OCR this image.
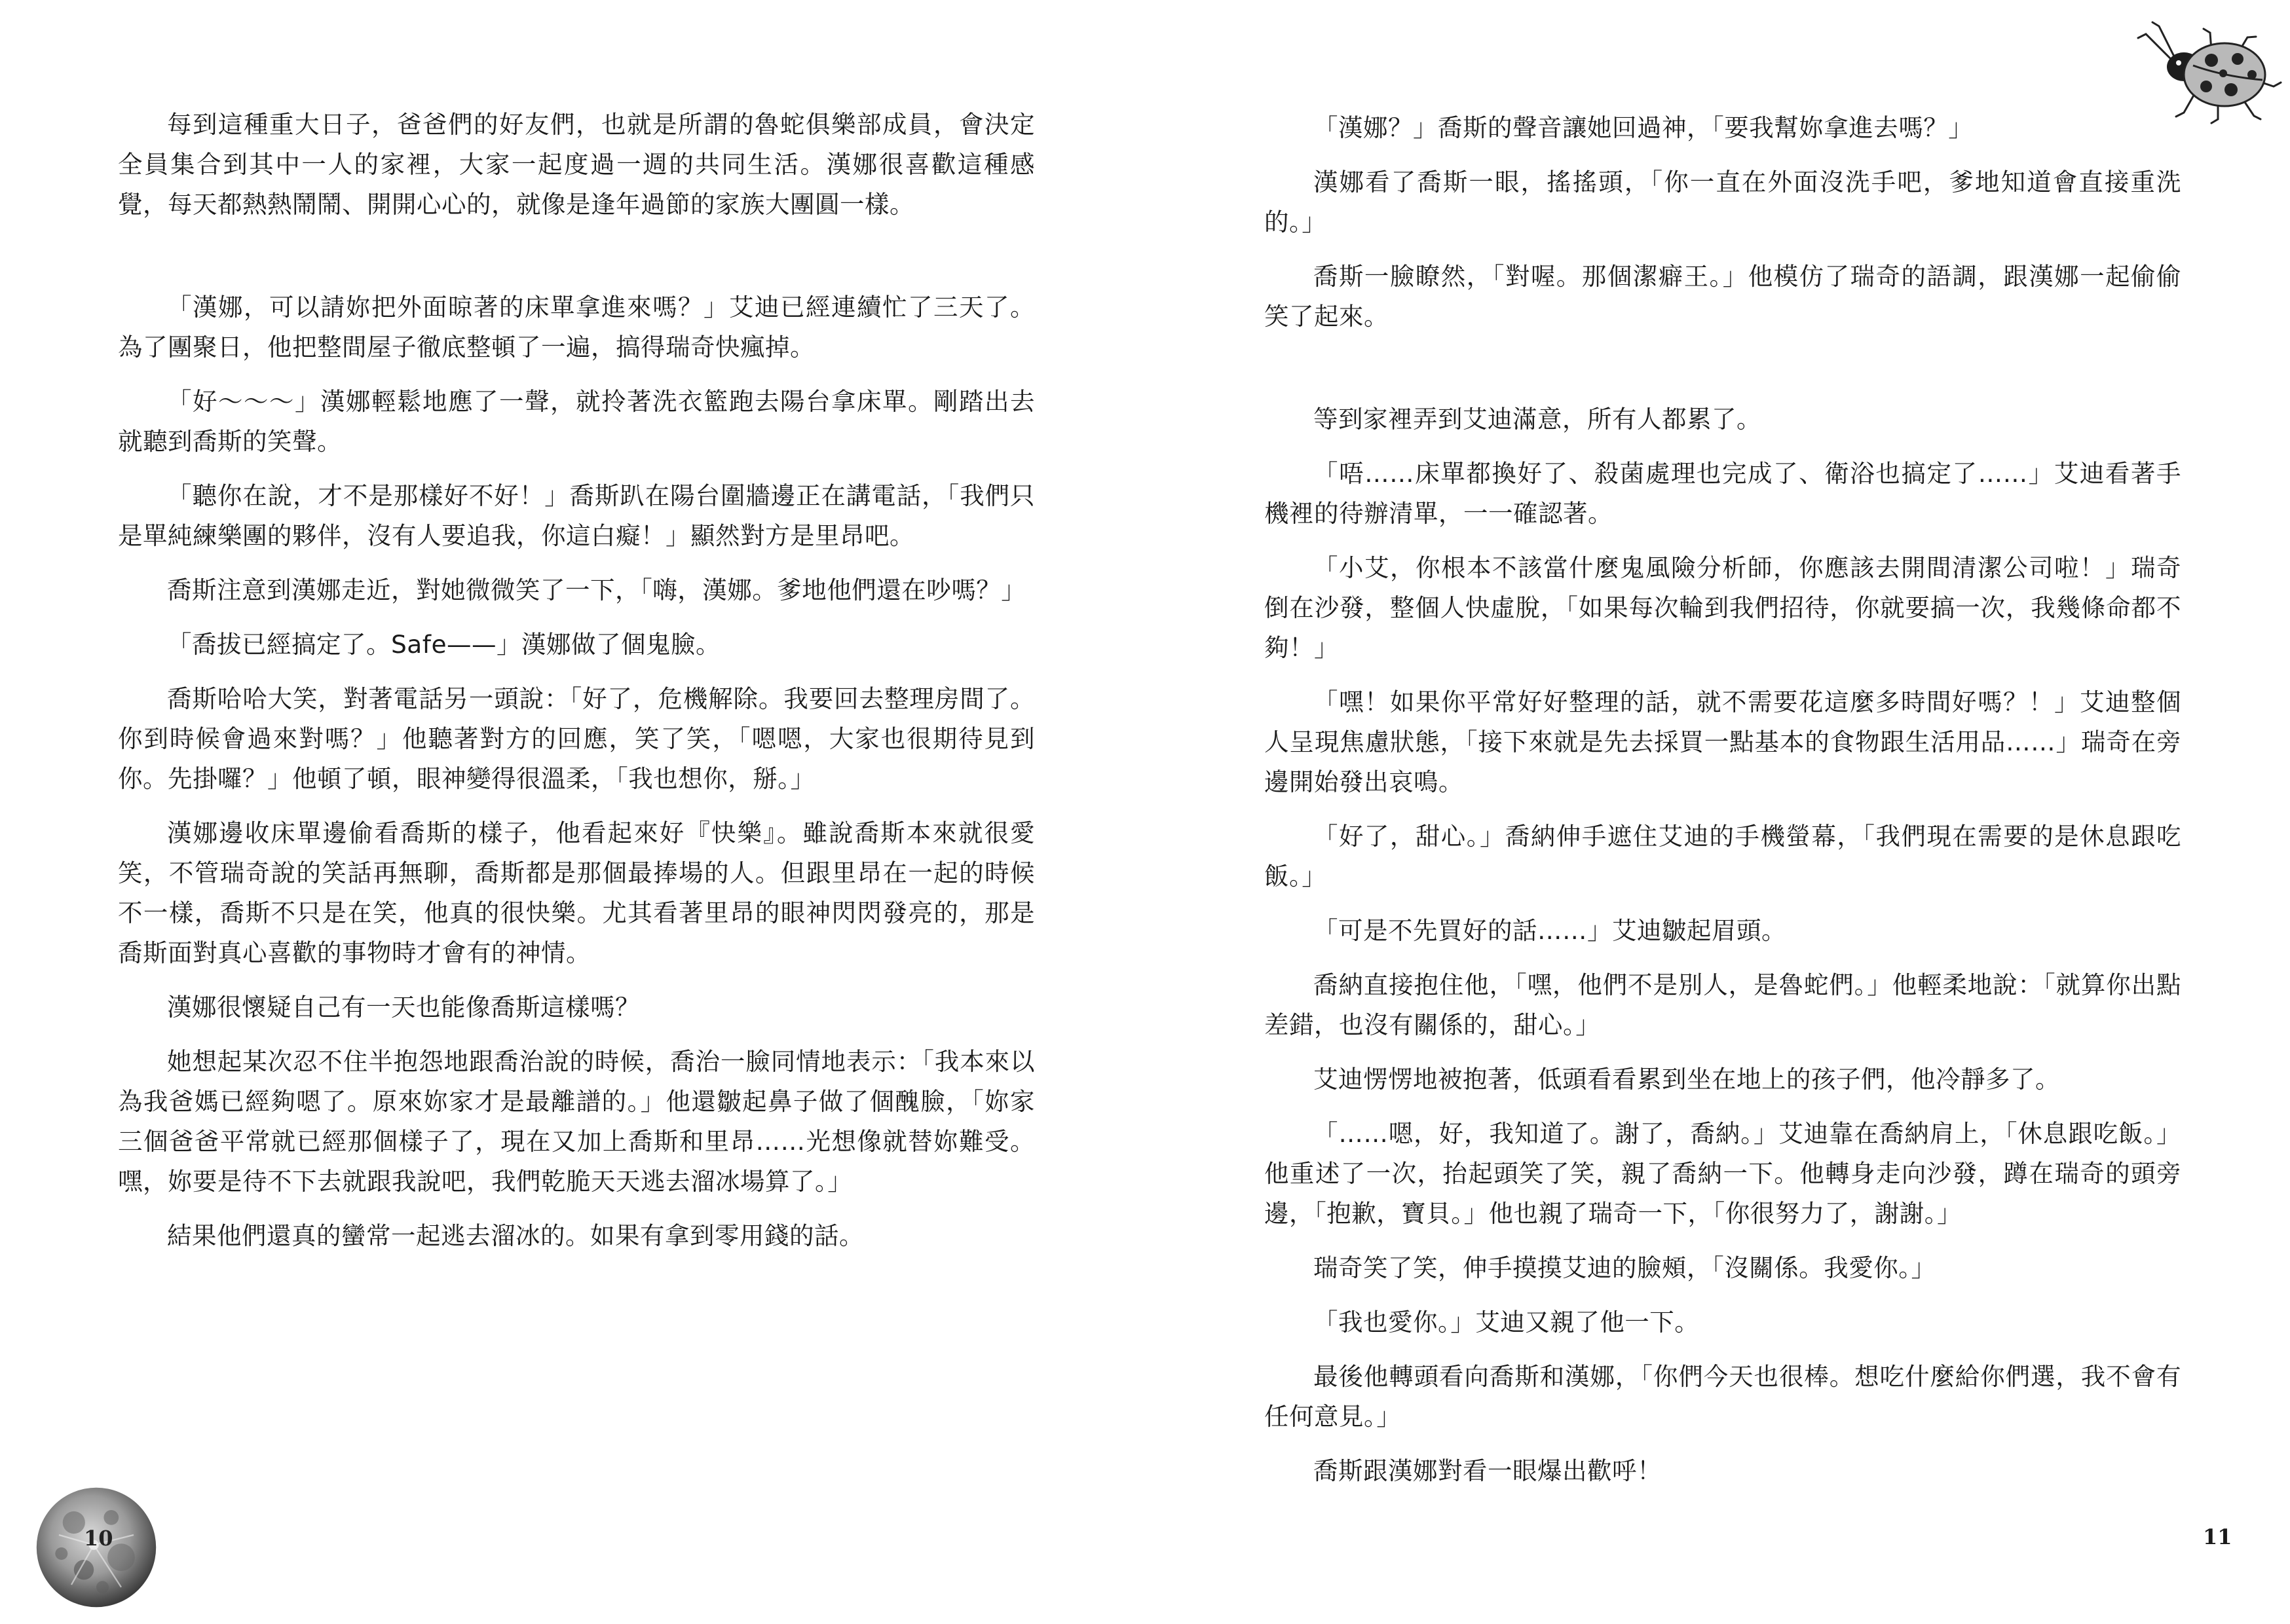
每到這種重大日子，爸爸們的好友們，也就是所謂的魯蛇俱樂部成員，會決定全員集合到其中一人的家裡，大家一起度過一週的共同生活。漢娜很喜歡這種感覺，每天都熱熱鬧鬧、開開心心的，就像是逢年過節的家族大團圓一樣。

「漢娜，可以請妳把外面晾著的床單拿進來嗎？」艾迪已經連續忙了三天了。為了團聚日，他把整間屋子徹底整頓了一遍，搞得瑞奇快瘋掉。

「好～～～」漢娜輕鬆地應了一聲，就拎著洗衣籃跑去陽台拿床單。剛踏出去就聽到喬斯的笑聲。

「聽你在說，才不是那樣好不好！」喬斯趴在陽台圍牆邊正在講電話，「我們只是單純練樂團的夥伴，沒有人要追我，你這白癡！」顯然對方是里昂吧。

喬斯注意到漢娜走近，對她微微笑了一下，「嗨，漢娜。爹地他們還在吵嗎？」

「喬拔已經搞定了。Safe——」漢娜做了個鬼臉。

喬斯哈哈大笑，對著電話另一頭說：「好了，危機解除。我要回去整理房間了。你到時候會過來對嗎？」他聽著對方的回應，笑了笑，「嗯嗯，大家也很期待見到你。先掛囉？」他頓了頓，眼神變得很溫柔，「我也想你，掰。」

漢娜邊收床單邊偷看喬斯的樣子，他看起來好『快樂』。雖說喬斯本來就很愛笑，不管瑞奇說的笑話再無聊，喬斯都是那個最捧場的人。但跟里昂在一起的時候不一樣，喬斯不只是在笑，他真的很快樂。尤其看著里昂的眼神閃閃發亮的，那是喬斯面對真心喜歡的事物時才會有的神情。

漢娜很懷疑自己有一天也能像喬斯這樣嗎？

她想起某次忍不住半抱怨地跟喬治說的時候，喬治一臉同情地表示：「我本來以為我爸媽已經夠嗯了。原來妳家才是最離譜的。」他還皺起鼻子做了個醜臉，「妳家三個爸爸平常就已經那個樣子了，現在又加上喬斯和里昂……光想像就替妳難受。嘿，妳要是待不下去就跟我說吧，我們乾脆天天逃去溜冰場算了。」

結果他們還真的蠻常一起逃去溜冰的。如果有拿到零用錢的話。

10

「漢娜？」喬斯的聲音讓她回過神，「要我幫妳拿進去嗎？」

漢娜看了喬斯一眼，搖搖頭，「你一直在外面沒洗手吧，爹地知道會直接重洗的。」

喬斯一臉瞭然，「對喔。那個潔癖王。」他模仿了瑞奇的語調，跟漢娜一起偷偷笑了起來。

等到家裡弄到艾迪滿意，所有人都累了。

「唔……床單都換好了、殺菌處理也完成了、衛浴也搞定了……」艾迪看著手機裡的待辦清單，一一確認著。

「小艾，你根本不該當什麼鬼風險分析師，你應該去開間清潔公司啦！」瑞奇倒在沙發，整個人快虛脫，「如果每次輪到我們招待，你就要搞一次，我幾條命都不夠！」

「嘿！如果你平常好好整理的話，就不需要花這麼多時間好嗎？！」艾迪整個人呈現焦慮狀態，「接下來就是先去採買一點基本的食物跟生活用品……」瑞奇在旁邊開始發出哀鳴。

「好了，甜心。」喬納伸手遮住艾迪的手機螢幕，「我們現在需要的是休息跟吃飯。」

「可是不先買好的話……」艾迪皺起眉頭。

喬納直接抱住他，「嘿，他們不是別人，是魯蛇們。」他輕柔地說：「就算你出點差錯，也沒有關係的，甜心。」

艾迪愣愣地被抱著，低頭看看累到坐在地上的孩子們，他冷靜多了。

「……嗯，好，我知道了。謝了，喬納。」艾迪靠在喬納肩上，「休息跟吃飯。」他重述了一次，抬起頭笑了笑，親了喬納一下。他轉身走向沙發，蹲在瑞奇的頭旁邊，「抱歉，寶貝。」他也親了瑞奇一下，「你很努力了，謝謝。」

瑞奇笑了笑，伸手摸摸艾迪的臉頰，「沒關係。我愛你。」

「我也愛你。」艾迪又親了他一下。

最後他轉頭看向喬斯和漢娜，「你們今天也很棒。想吃什麼給你們選，我不會有任何意見。」

喬斯跟漢娜對看一眼爆出歡呼！

11
